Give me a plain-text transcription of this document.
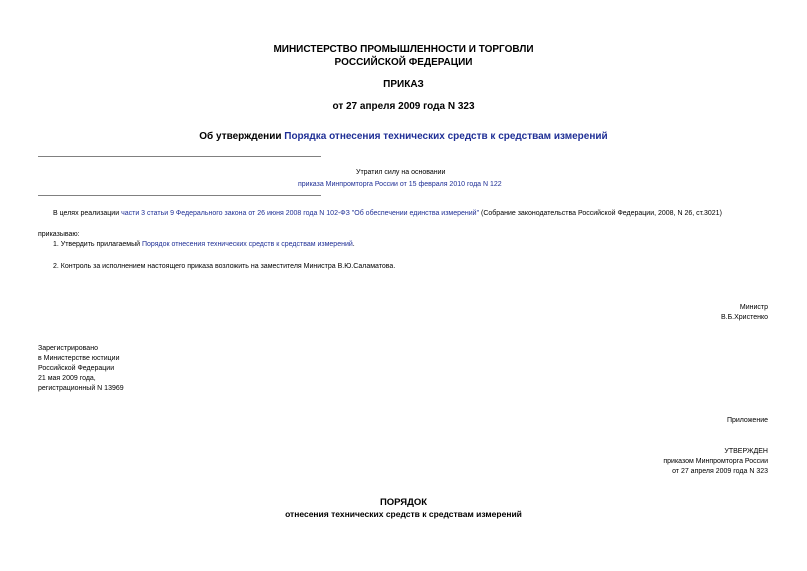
МИНИСТЕРСТВО ПРОМЫШЛЕННОСТИ И ТОРГОВЛИ
РОССИЙСКОЙ ФЕДЕРАЦИИ
ПРИКАЗ
от 27 апреля 2009 года N 323
Об утверждении Порядка отнесения технических средств к средствам измерений
Утратил силу на основании
приказа Минпромторга России от 15 февраля 2010 года N 122
В целях реализации части 3 статьи 9 Федерального закона от 26 июня 2008 года N 102-ФЗ "Об обеспечении единства измерений" (Собрание законодательства Российской Федерации, 2008, N 26, ст.3021)
приказываю:
1. Утвердить прилагаемый Порядок отнесения технических средств к средствам измерений.
2. Контроль за исполнением настоящего приказа возложить на заместителя Министра В.Ю.Саламатова.
Министр
В.Б.Христенко
Зарегистрировано
в Министерстве юстиции
Российской Федерации
21 мая 2009 года,
регистрационный N 13969
Приложение
УТВЕРЖДЕН
приказом Минпромторга России
от 27 апреля 2009 года N 323
ПОРЯДОК
отнесения технических средств к средствам измерений
